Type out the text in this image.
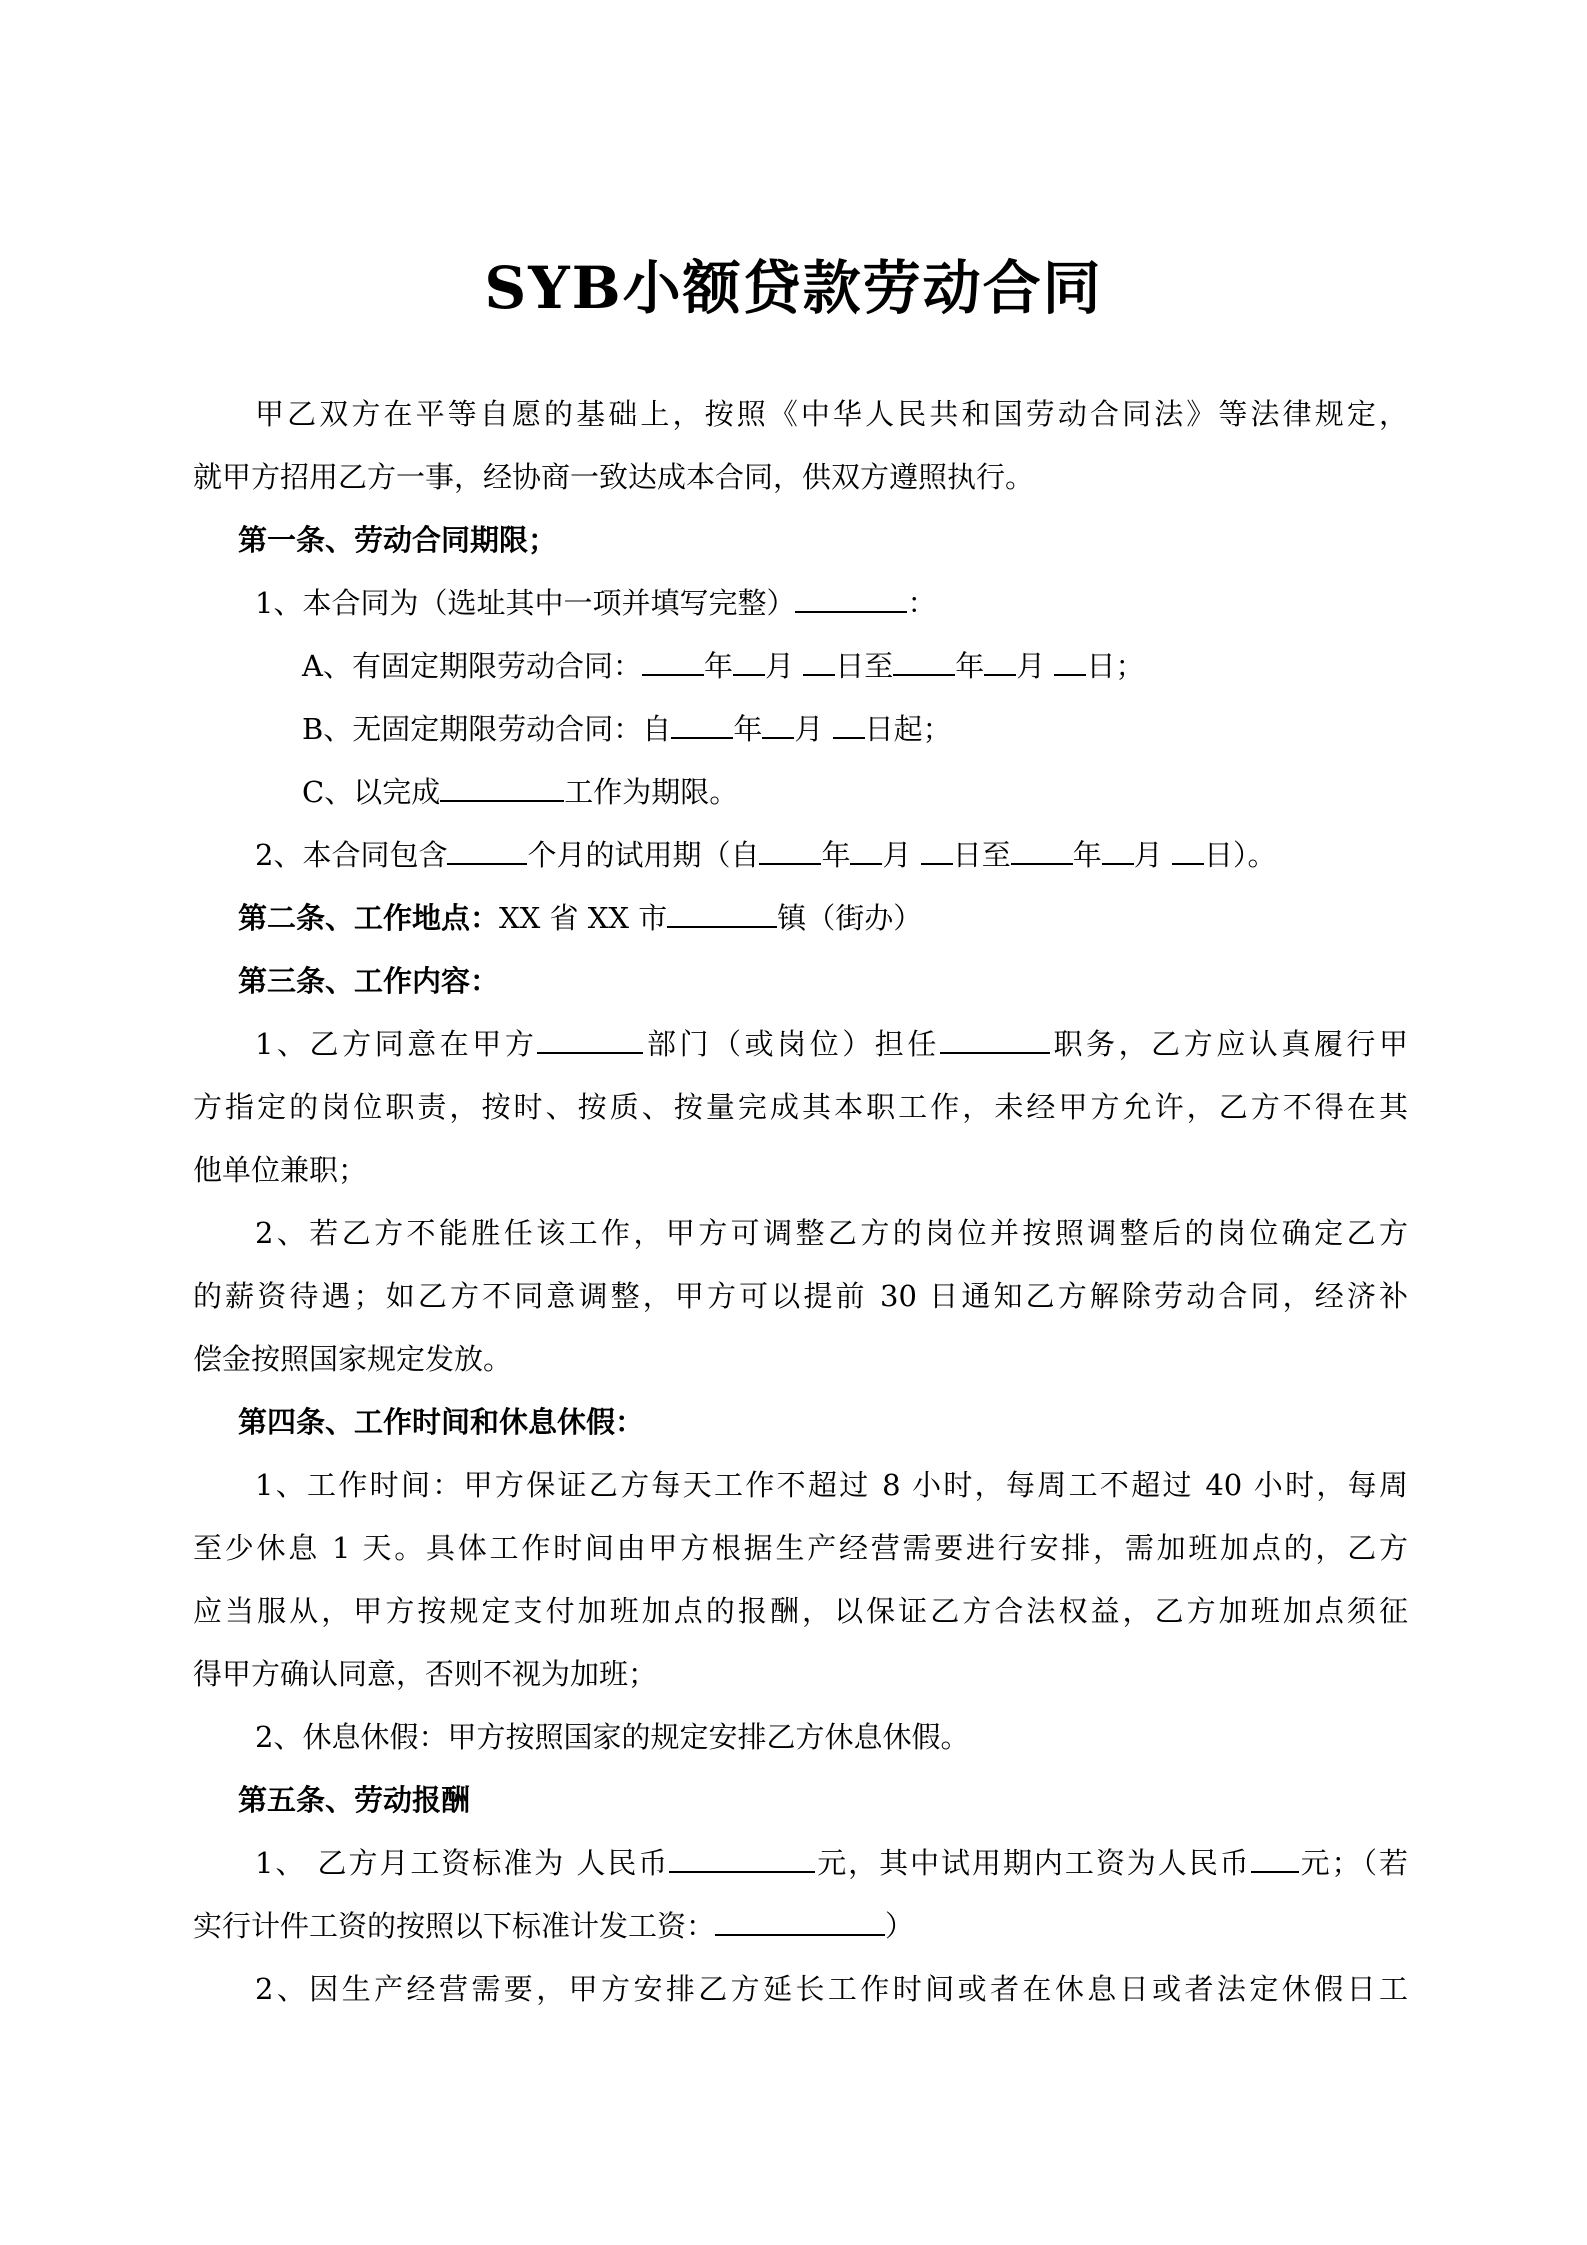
SYB小额贷款劳动合同
甲乙双方在平等自愿的基础上，按照《中华人民共和国劳动合同法》等法律规定，
就甲方招用乙方一事，经协商一致达成本合同，供双方遵照执行。
第一条、劳动合同期限；
1、本合同为（选址其中一项并填写完整）	：
A、有固定期限劳动合同： 年 月 日至 年 月 日；
B、无固定期限劳动合同：自 年 月 日起；
C、以完成	工作为期限。
2、本合同包含	个月的试用期（自 年 月 日至 年 月 日）。
第二条、工作地点：XX 省 XX 市	镇（街办）
第三条、工作内容：
1、乙方同意在甲方	部门（或岗位）担任	职务，乙方应认真履行甲
方指定的岗位职责，按时、按质、按量完成其本职工作，未经甲方允许，乙方不得在其
他单位兼职；
2、若乙方不能胜任该工作，甲方可调整乙方的岗位并按照调整后的岗位确定乙方
的薪资待遇；如乙方不同意调整，甲方可以提前 30 日通知乙方解除劳动合同，经济补
偿金按照国家规定发放。
第四条、工作时间和休息休假：
1、工作时间：甲方保证乙方每天工作不超过 8 小时，每周工不超过 40 小时，每周
至少休息 1 天。具体工作时间由甲方根据生产经营需要进行安排，需加班加点的，乙方
应当服从，甲方按规定支付加班加点的报酬，以保证乙方合法权益，乙方加班加点须征
得甲方确认同意，否则不视为加班；
2、休息休假：甲方按照国家的规定安排乙方休息休假。
第五条、劳动报酬
1、 乙方月工资标准为 人民币	元，其中试用期内工资为人民币 元；（若
实行计件工资的按照以下标准计发工资：	）
2、因生产经营需要，甲方安排乙方延长工作时间或者在休息日或者法定休假日工
